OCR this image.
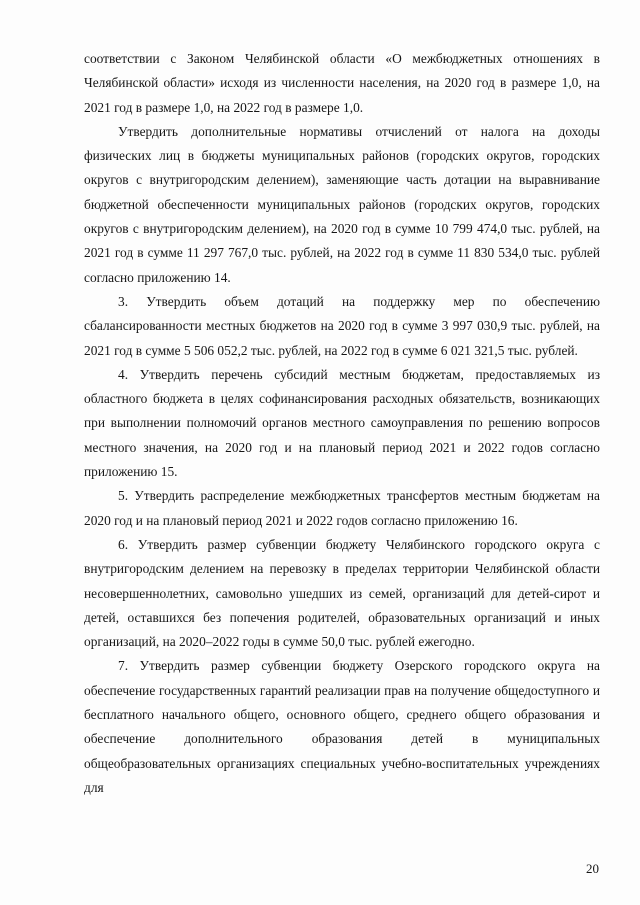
соответствии с Законом Челябинской области «О межбюджетных отношениях в Челябинской области» исходя из численности населения, на 2020 год в размере 1,0, на 2021 год в размере 1,0, на 2022 год в размере 1,0.

Утвердить дополнительные нормативы отчислений от налога на доходы физических лиц в бюджеты муниципальных районов (городских округов, городских округов с внутригородским делением), заменяющие часть дотации на выравнивание бюджетной обеспеченности муниципальных районов (городских округов, городских округов с внутригородским делением), на 2020 год в сумме 10 799 474,0 тыс. рублей, на 2021 год в сумме 11 297 767,0 тыс. рублей, на 2022 год в сумме 11 830 534,0 тыс. рублей согласно приложению 14.

3. Утвердить объем дотаций на поддержку мер по обеспечению сбалансированности местных бюджетов на 2020 год в сумме 3 997 030,9 тыс. рублей, на 2021 год в сумме 5 506 052,2 тыс. рублей, на 2022 год в сумме 6 021 321,5 тыс. рублей.

4. Утвердить перечень субсидий местным бюджетам, предоставляемых из областного бюджета в целях софинансирования расходных обязательств, возникающих при выполнении полномочий органов местного самоуправления по решению вопросов местного значения, на 2020 год и на плановый период 2021 и 2022 годов согласно приложению 15.

5. Утвердить распределение межбюджетных трансфертов местным бюджетам на 2020 год и на плановый период 2021 и 2022 годов согласно приложению 16.

6. Утвердить размер субвенции бюджету Челябинского городского округа с внутригородским делением на перевозку в пределах территории Челябинской области несовершеннолетних, самовольно ушедших из семей, организаций для детей-сирот и детей, оставшихся без попечения родителей, образовательных организаций и иных организаций, на 2020–2022 годы в сумме 50,0 тыс. рублей ежегодно.

7. Утвердить размер субвенции бюджету Озерского городского округа на обеспечение государственных гарантий реализации прав на получение общедоступного и бесплатного начального общего, основного общего, среднего общего образования и обеспечение дополнительного образования детей в муниципальных общеобразовательных организациях специальных учебно-воспитательных учреждениях для

20
